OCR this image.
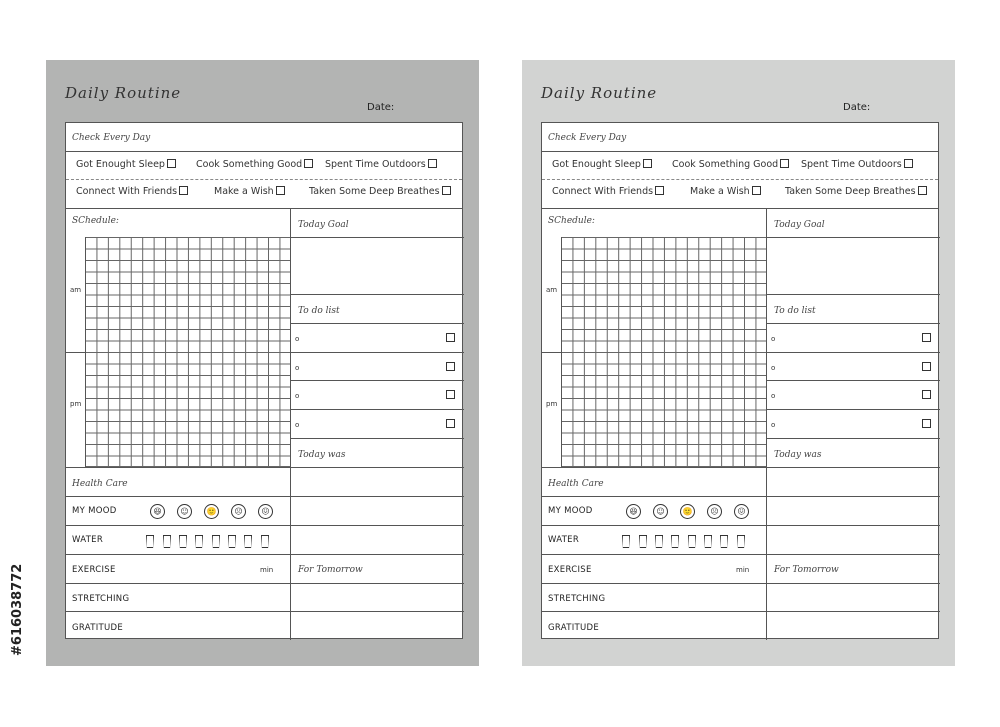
#616038772
Daily Routine
Date:
Check Every Day
Got Enought Sleep	Cook Something Good	Spent Time Outdoors
Connect With Friends	Make a Wish	Taken Some Deep Breathes
SChedule:
am
pm
Today Goal
To do list
o
o
o
o
Today was
Health Care
MY MOOD	😆	☺	🙂	☹	😖
WATER
EXERCISE	min	For Tomorrow
STRETCHING
GRATITUDE
Daily Routine
Date:
Check Every Day
Got Enought Sleep	Cook Something Good	Spent Time Outdoors
Connect With Friends	Make a Wish	Taken Some Deep Breathes
SChedule:
am
pm
Today Goal
To do list
o
o
o
o
Today was
Health Care
MY MOOD	😆	☺	🙂	☹	😖
WATER
EXERCISE	min	For Tomorrow
STRETCHING
GRATITUDE
